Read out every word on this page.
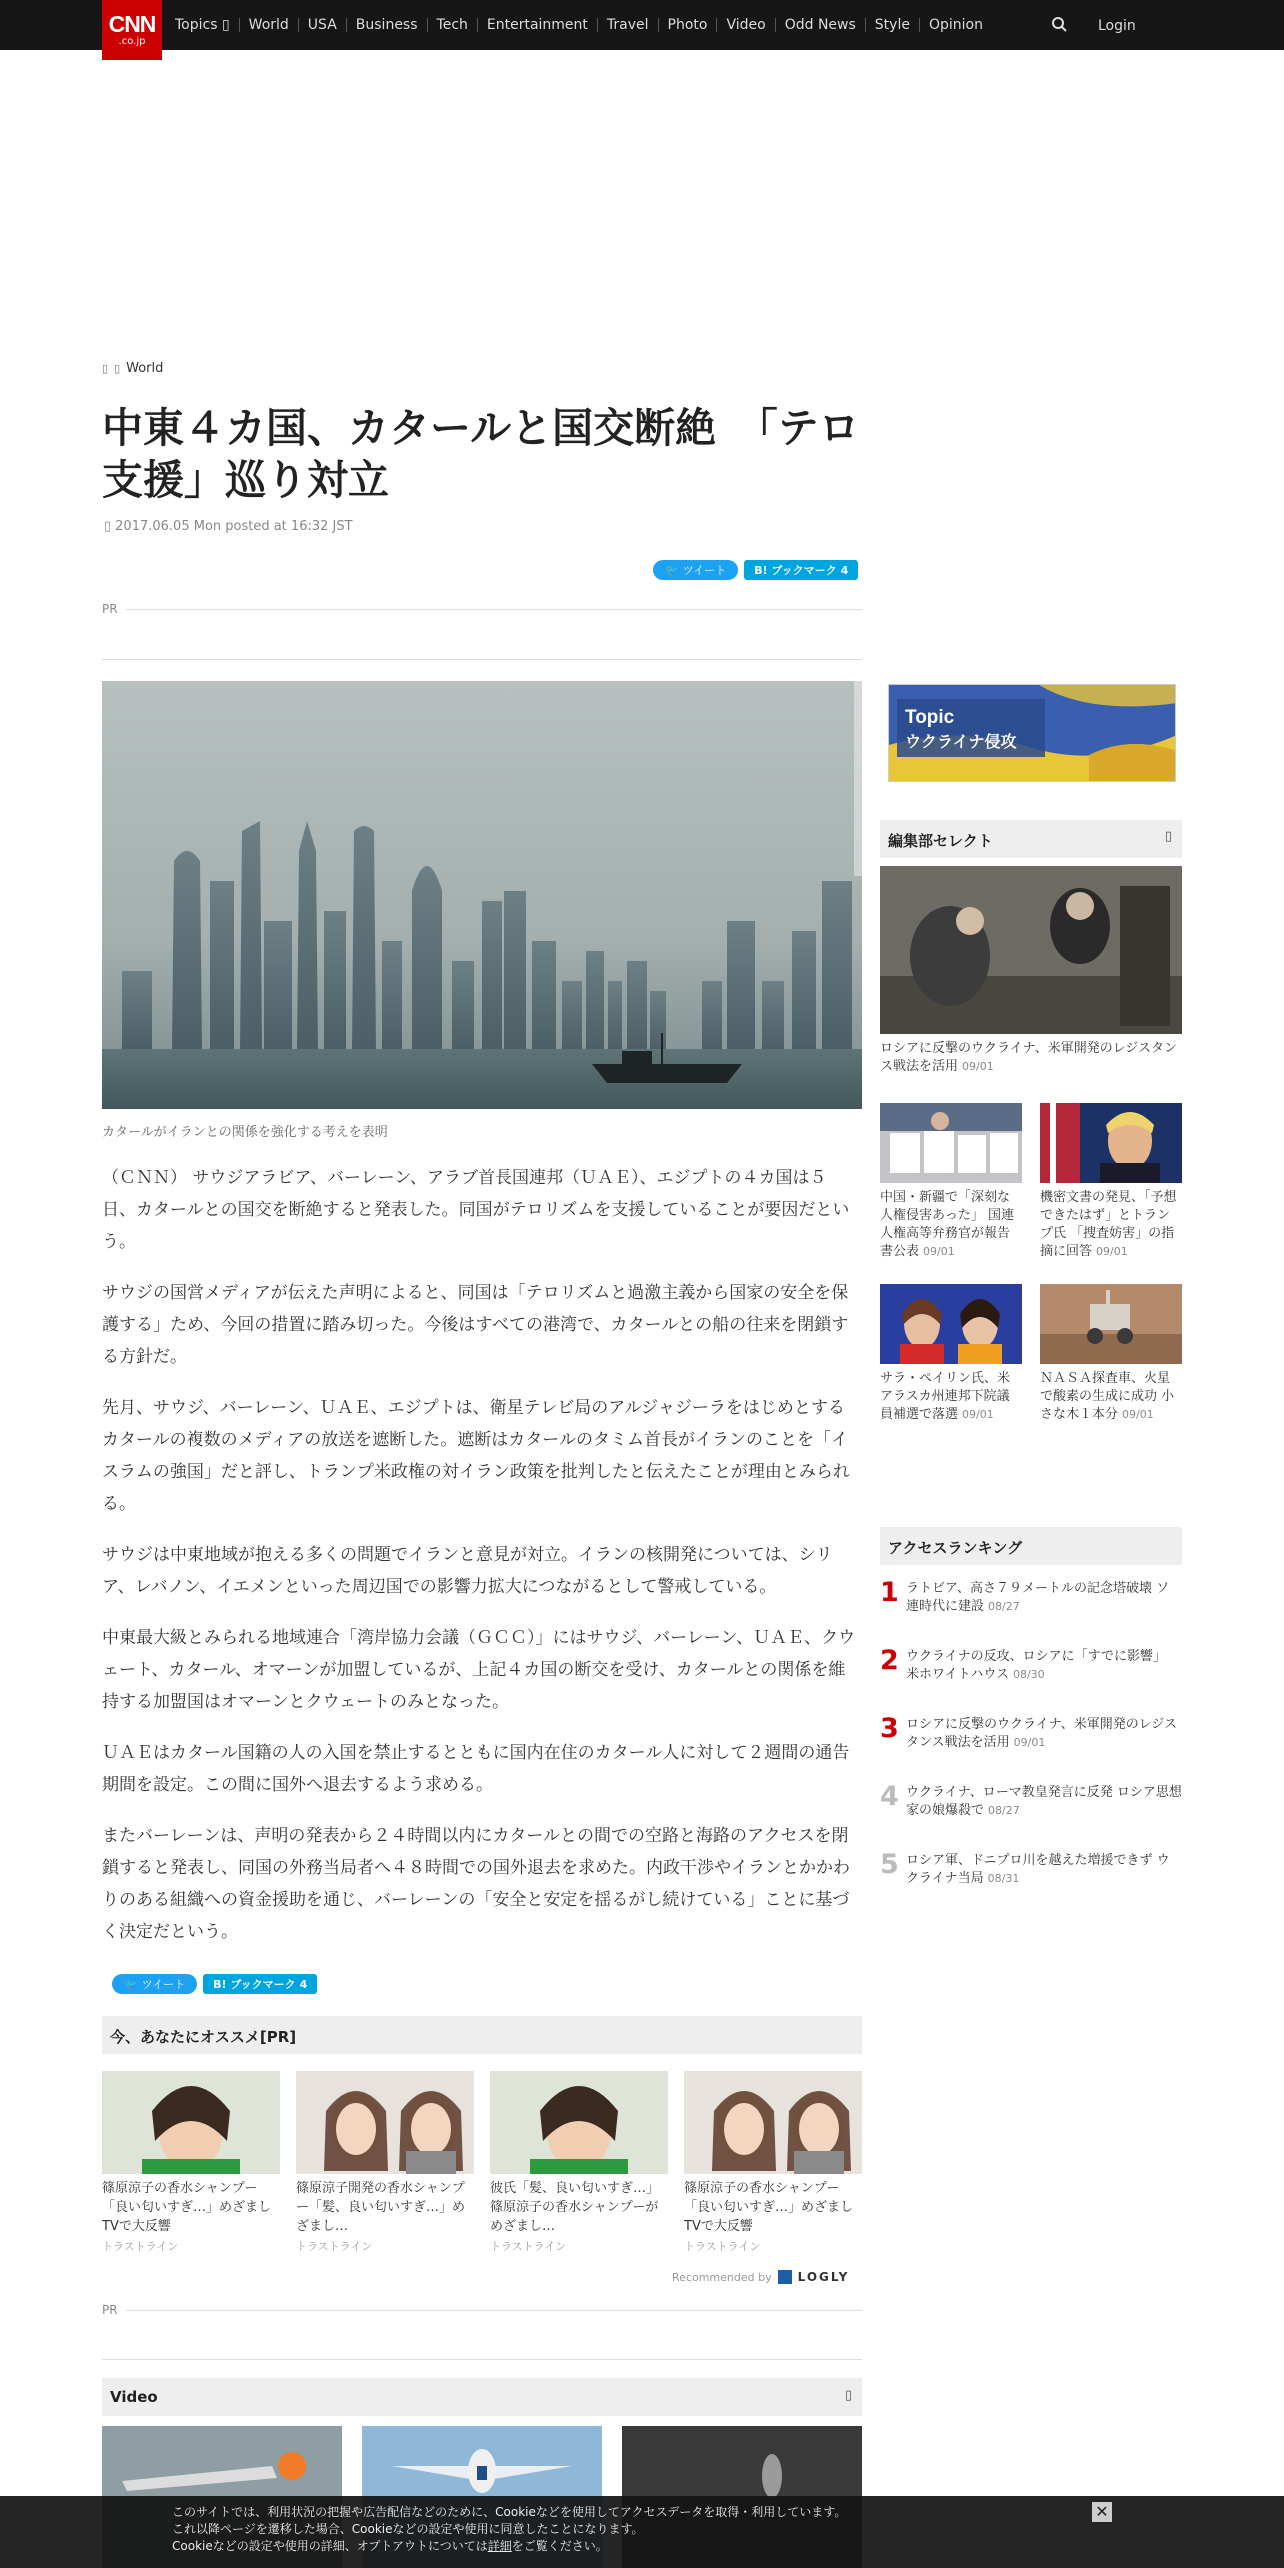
CNN
.co.jp
Topics ▯	World	USA	Business	Tech	Entertainment	Travel	Photo	Video	Odd News	Style	Opinion	Login
▯ ▯ World
中東４カ国、カタールと国交断絶　「テロ支援」巡り対立
▯ 2017.06.05 Mon posted at 16:32 JST
🐦 ツイート	B! ブックマーク 4
PR
カタールがイランとの関係を強化する考えを表明

（ＣＮＮ） サウジアラビア、バーレーン、アラブ首長国連邦（ＵＡＥ）、エジプトの４カ国は５日、カタールとの国交を断絶すると発表した。同国がテロリズムを支援していることが要因だという。

サウジの国営メディアが伝えた声明によると、同国は「テロリズムと過激主義から国家の安全を保護する」ため、今回の措置に踏み切った。今後はすべての港湾で、カタールとの船の往来を閉鎖する方針だ。

先月、サウジ、バーレーン、ＵＡＥ、エジプトは、衛星テレビ局のアルジャジーラをはじめとするカタールの複数のメディアの放送を遮断した。遮断はカタールのタミム首長がイランのことを「イスラムの強国」だと評し、トランプ米政権の対イラン政策を批判したと伝えたことが理由とみられる。

サウジは中東地域が抱える多くの問題でイランと意見が対立。イランの核開発については、シリア、レバノン、イエメンといった周辺国での影響力拡大につながるとして警戒している。

中東最大級とみられる地域連合「湾岸協力会議（ＧＣＣ）」にはサウジ、バーレーン、ＵＡＥ、クウェート、カタール、オマーンが加盟しているが、上記４カ国の断交を受け、カタールとの関係を維持する加盟国はオマーンとクウェートのみとなった。

ＵＡＥはカタール国籍の人の入国を禁止するとともに国内在住のカタール人に対して２週間の通告期間を設定。この間に国外へ退去するよう求める。

またバーレーンは、声明の発表から２４時間以内にカタールとの間での空路と海路のアクセスを閉鎖すると発表し、同国の外務当局者へ４８時間での国外退去を求めた。内政干渉やイランとかかわりのある組織への資金援助を通じ、バーレーンの「安全と安定を揺るがし続けている」ことに基づく決定だという。

🐦 ツイート	B! ブックマーク 4
今、あなたにオススメ[PR]
篠原涼子の香水シャンプー「良い匂いすぎ…」めざましTVで大反響
トラストライン
篠原涼子開発の香水シャンプー「髪、良い匂いすぎ…」めざまし…
トラストライン
彼氏「髪、良い匂いすぎ…」篠原涼子の香水シャンプーがめざまし…
トラストライン
篠原涼子の香水シャンプー「良い匂いすぎ…」めざましTVで大反響
トラストライン
Recommended by LOGLY
PR
Video	▯
Topic
ウクライナ侵攻
編集部セレクト	▯
ロシアに反撃のウクライナ、米軍開発のレジスタンス戦法を活用 09/01
中国・新疆で「深刻な人権侵害あった」 国連人権高等弁務官が報告書公表 09/01
機密文書の発見、「予想できたはず」とトランプ氏 「捜査妨害」の指摘に回答 09/01
サラ・ペイリン氏、米アラスカ州連邦下院議員補選で落選 09/01
ＮＡＳＡ探査車、火星で酸素の生成に成功 小さな木１本分 09/01
アクセスランキング
1 ラトビア、高さ７９メートルの記念塔破壊 ソ連時代に建設 08/27
2 ウクライナの反攻、ロシアに「すでに影響」 米ホワイトハウス 08/30
3 ロシアに反撃のウクライナ、米軍開発のレジスタンス戦法を活用 09/01
4 ウクライナ、ローマ教皇発言に反発 ロシア思想家の娘爆殺で 08/27
5 ロシア軍、ドニプロ川を越えた増援できず ウクライナ当局 08/31
このサイトでは、利用状況の把握や広告配信などのために、Cookieなどを使用してアクセスデータを取得・利用しています。
これ以降ページを遷移した場合、Cookieなどの設定や使用に同意したことになります。
Cookieなどの設定や使用の詳細、オプトアウトについては詳細をご覧ください。
✕
